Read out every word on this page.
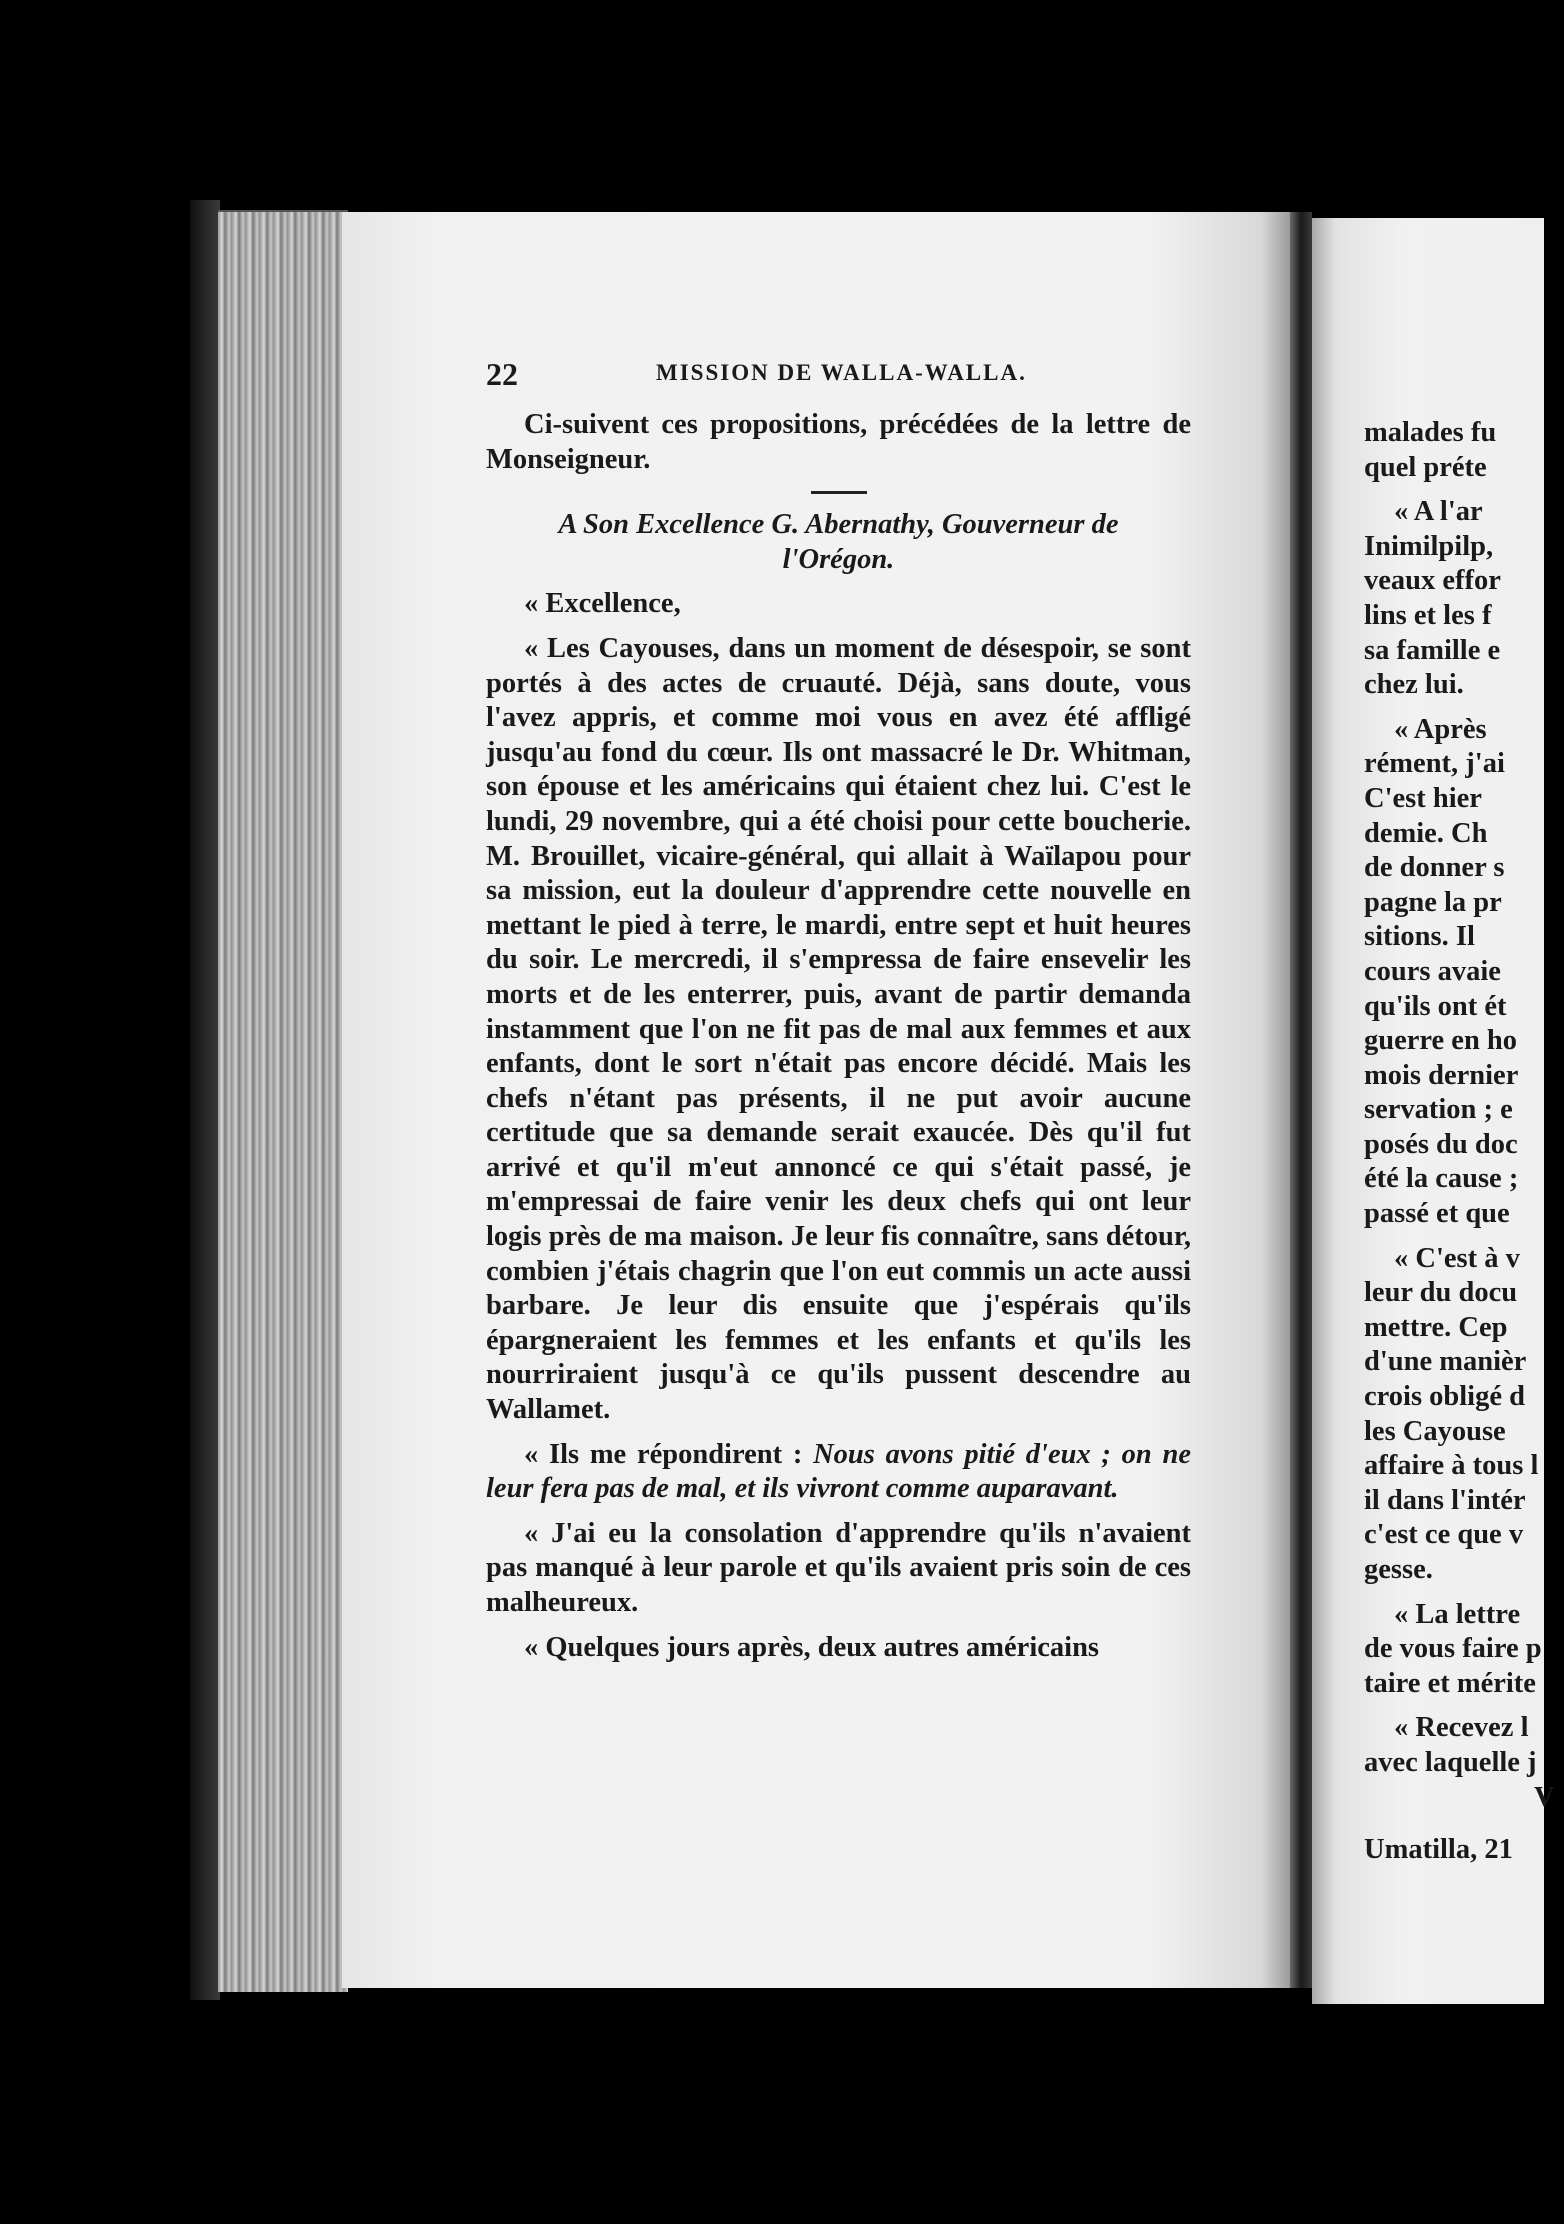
22	MISSION DE WALLA-WALLA.

Ci-suivent ces propositions, précédées de la lettre de Monseigneur.

A Son Excellence G. Abernathy, Gouverneur de

l'Orégon.

« Excellence,

« Les Cayouses, dans un moment de désespoir, se sont portés à des actes de cruauté. Déjà, sans doute, vous l'avez appris, et comme moi vous en avez été affligé jusqu'au fond du cœur. Ils ont massacré le Dr. Whitman, son épouse et les américains qui étaient chez lui. C'est le lundi, 29 novembre, qui a été choisi pour cette boucherie. M. Brouillet, vicaire-général, qui allait à Waïlapou pour sa mission, eut la douleur d'apprendre cette nouvelle en mettant le pied à terre, le mardi, entre sept et huit heures du soir. Le mercredi, il s'empressa de faire ensevelir les morts et de les enterrer, puis, avant de partir demanda instamment que l'on ne fit pas de mal aux femmes et aux enfants, dont le sort n'était pas encore décidé. Mais les chefs n'étant pas présents, il ne put avoir aucune certitude que sa demande serait exaucée. Dès qu'il fut arrivé et qu'il m'eut annoncé ce qui s'était passé, je m'empressai de faire venir les deux chefs qui ont leur logis près de ma maison. Je leur fis connaître, sans détour, combien j'étais chagrin que l'on eut commis un acte aussi barbare. Je leur dis ensuite que j'espérais qu'ils épargneraient les femmes et les enfants et qu'ils les nourriraient jusqu'à ce qu'ils pussent descendre au Wallamet.

« Ils me répondirent : Nous avons pitié d'eux ; on ne leur fera pas de mal, et ils vivront comme auparavant.

« J'ai eu la consolation d'apprendre qu'ils n'avaient pas manqué à leur parole et qu'ils avaient pris soin de ces malheureux.

« Quelques jours après, deux autres américains

malades fu
quel préte
« A l'ar
Inimilpilp,
veaux effor
lins et les f
sa famille e
chez lui.
« Après
rément, j'ai
C'est hier
demie. Ch
de donner s
pagne la pr
sitions. Il
cours avaie
qu'ils ont ét
guerre en ho
mois dernier
servation ; e
posés du doc
été la cause ;
passé et que
« C'est à v
leur du docu
mettre. Cep
d'une manièr
crois obligé d
les Cayouse
affaire à tous l
il dans l'intér
c'est ce que v
gesse.
« La lettre
de vous faire p
taire et mérite
« Recevez l
avec laquelle j
V
Umatilla, 21
